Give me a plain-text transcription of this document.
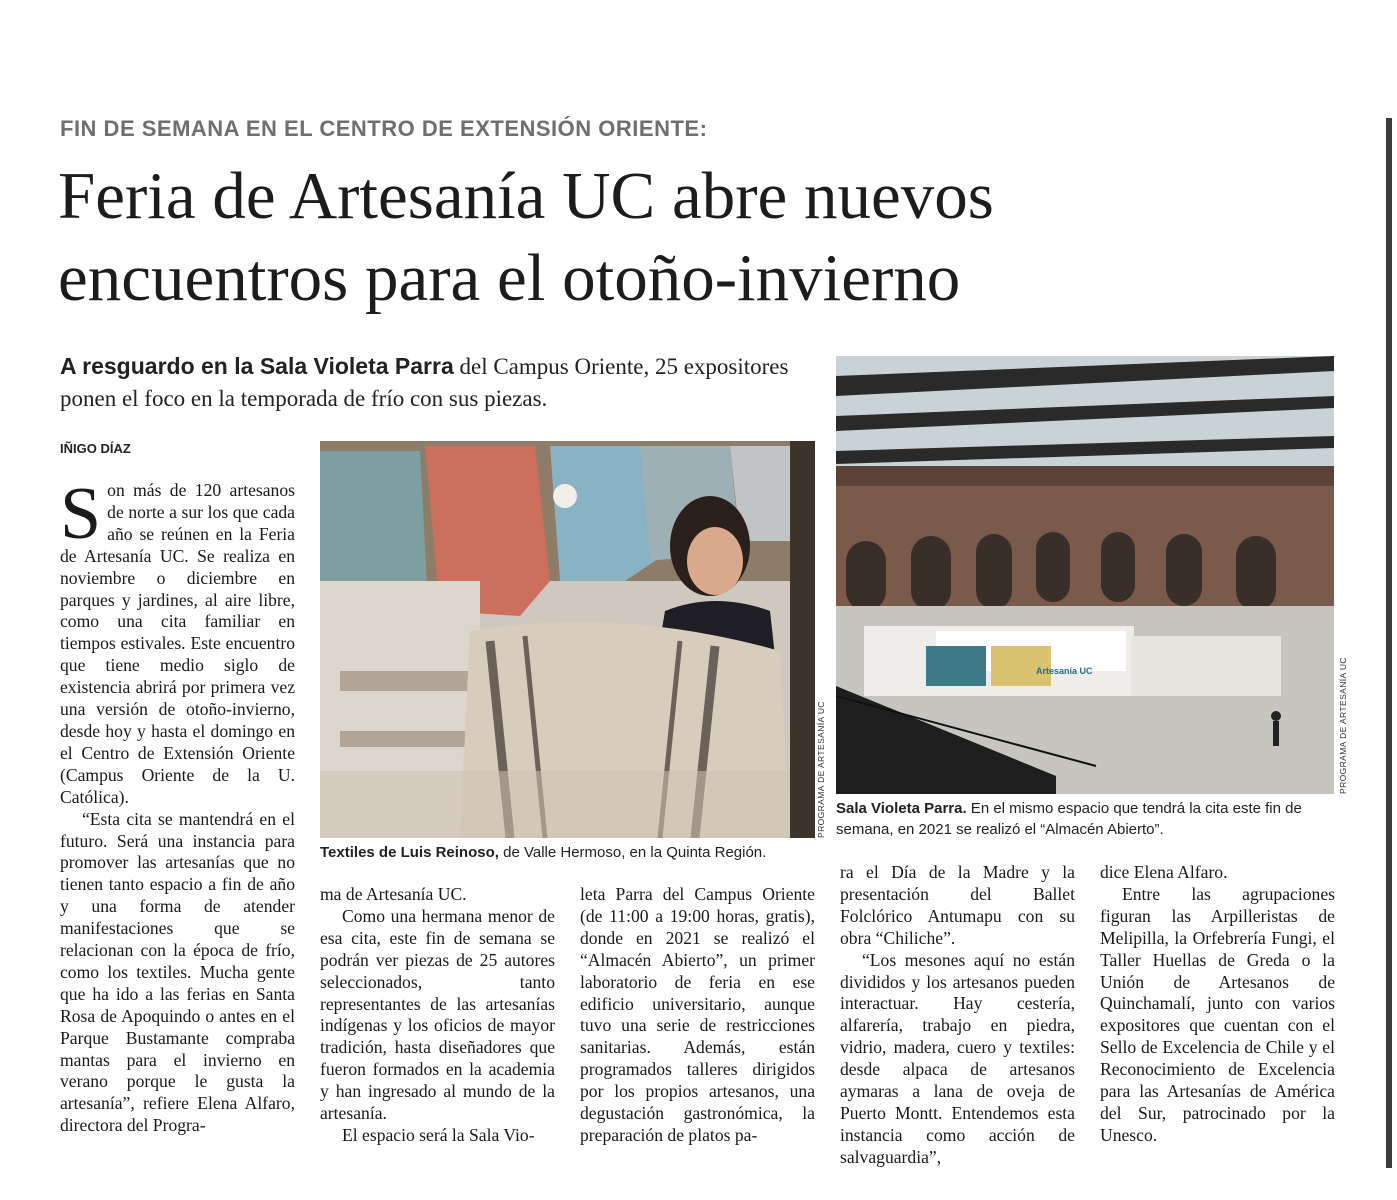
FIN DE SEMANA EN EL CENTRO DE EXTENSIÓN ORIENTE:
Feria de Artesanía UC abre nuevos
encuentros para el otoño-invierno
A resguardo en la Sala Violeta Parra del Campus Oriente, 25 expositores ponen el foco en la temporada de frío con sus piezas.
IÑIGO DÍAZ
S on más de 120 artesanos de norte a sur los que cada año se reúnen en la Feria de Artesanía UC. Se realiza en noviembre o diciembre en parques y jardines, al aire libre, como una cita familiar en tiempos estivales. Este encuentro que tiene medio siglo de existencia abrirá por primera vez una versión de otoño-invierno, desde hoy y hasta el domingo en el Centro de Extensión Oriente (Campus Oriente de la U. Católica).

“Esta cita se mantendrá en el futuro. Será una instancia para promover las artesanías que no tienen tanto espacio a fin de año y una forma de atender manifestaciones que se relacionan con la época de frío, como los textiles. Mucha gente que ha ido a las ferias en Santa Rosa de Apoquindo o antes en el Parque Bustamante compraba mantas para el invierno en verano porque le gusta la artesanía”, refiere Elena Alfaro, directora del Progra-

PROGRAMA DE ARTESANÍA UC
Textiles de Luis Reinoso, de Valle Hermoso, en la Quinta Región.
Artesanía UC	PROGRAMA DE ARTESANÍA UC
Sala Violeta Parra. En el mismo espacio que tendrá la cita este fin de semana, en 2021 se realizó el “Almacén Abierto”.

ma de Artesanía UC.

Como una hermana menor de esa cita, este fin de semana se podrán ver piezas de 25 autores seleccionados, tanto representantes de las artesanías indígenas y los oficios de mayor tradición, hasta diseñadores que fueron formados en la academia y han ingresado al mundo de la artesanía.

El espacio será la Sala Vio-

leta Parra del Campus Oriente (de 11:00 a 19:00 horas, gratis), donde en 2021 se realizó el “Almacén Abierto”, un primer laboratorio de feria en ese edificio universitario, aunque tuvo una serie de restricciones sanitarias. Además, están programados talleres dirigidos por los propios artesanos, una degustación gastronómica, la preparación de platos pa-

ra el Día de la Madre y la presentación del Ballet Folclórico Antumapu con su obra “Chiliche”.

“Los mesones aquí no están divididos y los artesanos pueden interactuar. Hay cestería, alfarería, trabajo en piedra, vidrio, madera, cuero y textiles: desde alpaca de artesanos aymaras a lana de oveja de Puerto Montt. Entendemos esta instancia como acción de salvaguardia”,

dice Elena Alfaro.

Entre las agrupaciones figuran las Arpilleristas de Melipilla, la Orfebrería Fungi, el Taller Huellas de Greda o la Unión de Artesanos de Quinchamalí, junto con varios expositores que cuentan con el Sello de Excelencia de Chile y el Reconocimiento de Excelencia para las Artesanías de América del Sur, patrocinado por la Unesco.
